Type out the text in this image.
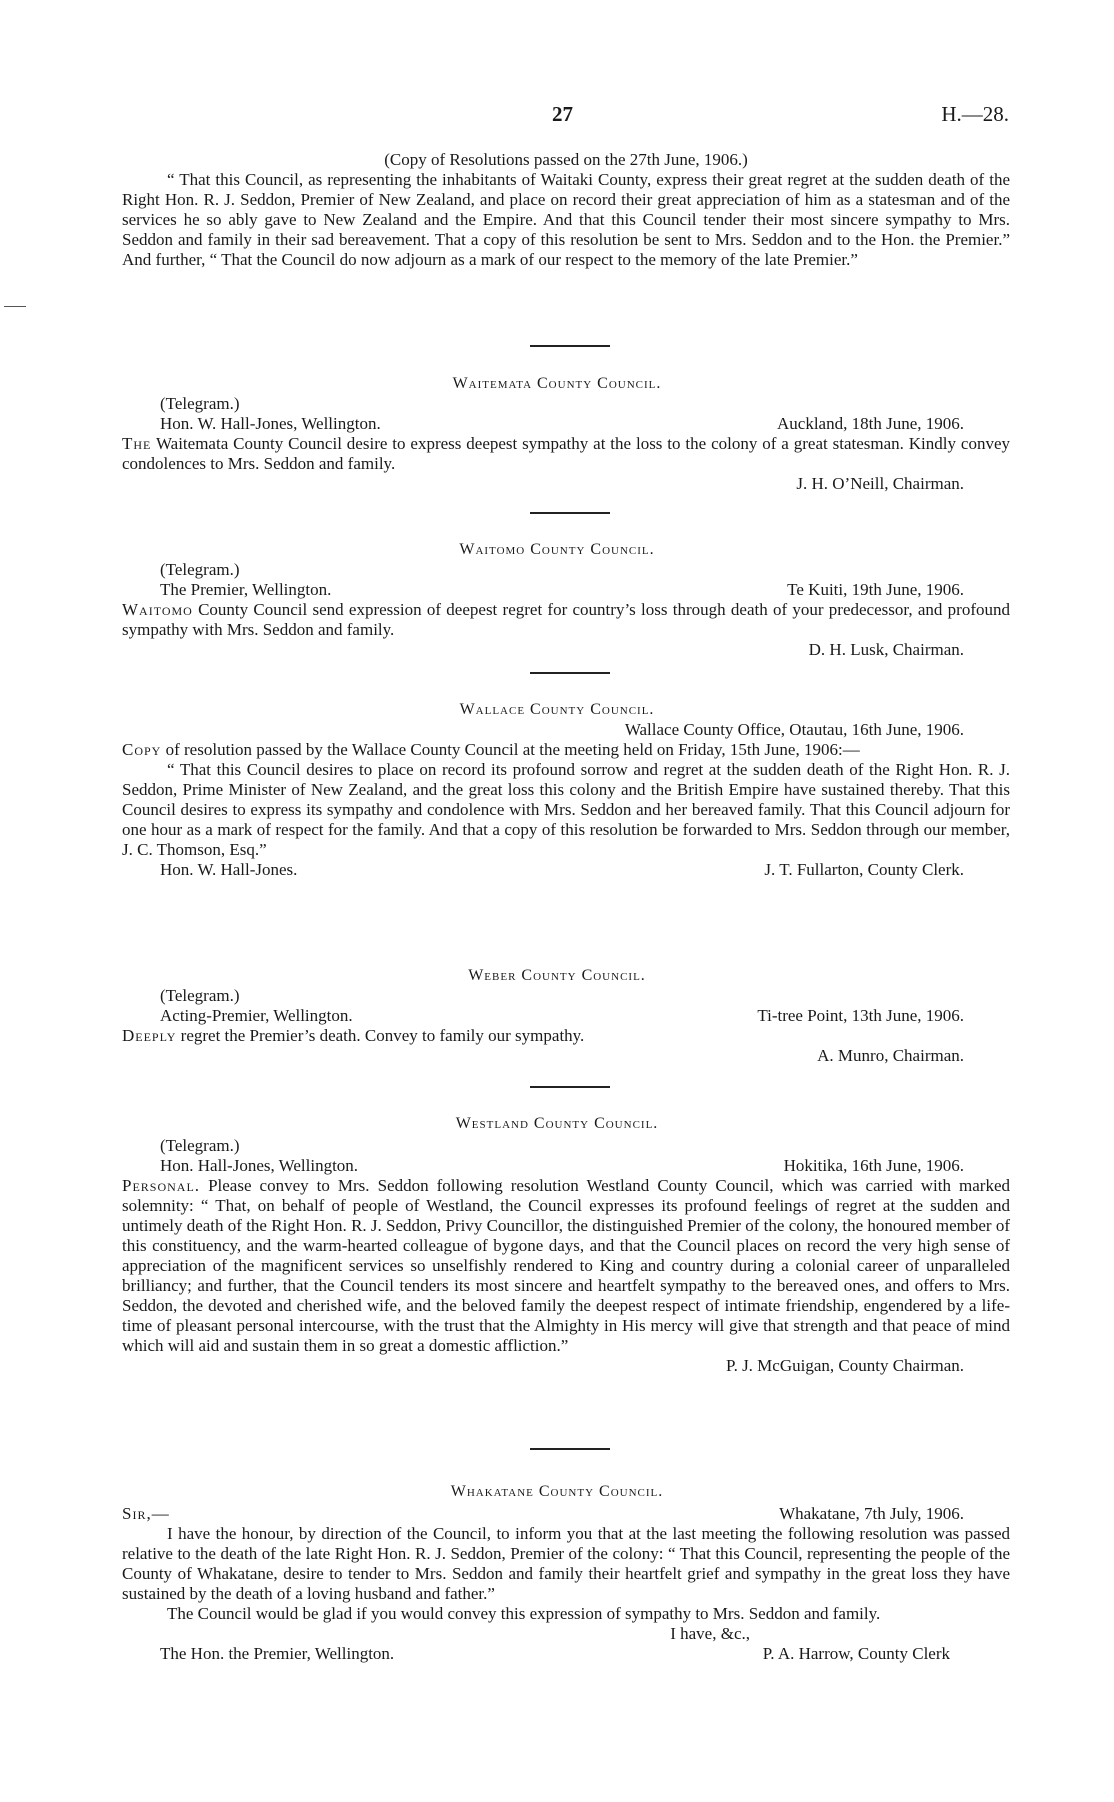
27	H.—28.
(Copy of Resolutions passed on the 27th June, 1906.)

“ That this Council, as representing the inhabitants of Waitaki County, express their great regret at the sudden death of the Right Hon. R. J. Seddon, Premier of New Zealand, and place on record their great appreciation of him as a statesman and of the services he so ably gave to New Zealand and the Empire. And that this Council tender their most sincere sympathy to Mrs. Seddon and family in their sad bereavement. That a copy of this resolution be sent to Mrs. Seddon and to the Hon. the Premier.” And further, “ That the Council do now adjourn as a mark of our respect to the memory of the late Premier.”

Waitemata County Council.
(Telegram.)
Hon. W. Hall-Jones, Wellington.	Auckland, 18th June, 1906.

The Waitemata County Council desire to express deepest sympathy at the loss to the colony of a great statesman. Kindly convey condolences to Mrs. Seddon and family.

J. H. O’Neill, Chairman.
Waitomo County Council.
(Telegram.)
The Premier, Wellington.	Te Kuiti, 19th June, 1906.

Waitomo County Council send expression of deepest regret for country’s loss through death of your predecessor, and profound sympathy with Mrs. Seddon and family.

D. H. Lusk, Chairman.
Wallace County Council.
Wallace County Office, Otautau, 16th June, 1906.

Copy of resolution passed by the Wallace County Council at the meeting held on Friday, 15th June, 1906:—

“ That this Council desires to place on record its profound sorrow and regret at the sudden death of the Right Hon. R. J. Seddon, Prime Minister of New Zealand, and the great loss this colony and the British Empire have sustained thereby. That this Council desires to express its sympathy and condolence with Mrs. Seddon and her bereaved family. That this Council adjourn for one hour as a mark of respect for the family. And that a copy of this resolution be forwarded to Mrs. Seddon through our member, J. C. Thomson, Esq.”

Hon. W. Hall-Jones.	J. T. Fullarton, County Clerk.
Weber County Council.
(Telegram.)
Acting-Premier, Wellington.	Ti-tree Point, 13th June, 1906.

Deeply regret the Premier’s death. Convey to family our sympathy.

A. Munro, Chairman.
Westland County Council.
(Telegram.)
Hon. Hall-Jones, Wellington.	Hokitika, 16th June, 1906.

Personal. Please convey to Mrs. Seddon following resolution Westland County Council, which was carried with marked solemnity: “ That, on behalf of people of Westland, the Council expresses its profound feelings of regret at the sudden and untimely death of the Right Hon. R. J. Seddon, Privy Councillor, the distinguished Premier of the colony, the honoured member of this constituency, and the warm-hearted colleague of bygone days, and that the Council places on record the very high sense of appreciation of the magnificent services so unselfishly rendered to King and country during a colonial career of unparalleled brilliancy; and further, that the Council tenders its most sincere and heartfelt sympathy to the bereaved ones, and offers to Mrs. Seddon, the devoted and cherished wife, and the beloved family the deepest respect of intimate friendship, engendered by a life-time of pleasant personal intercourse, with the trust that the Almighty in His mercy will give that strength and that peace of mind which will aid and sustain them in so great a domestic affliction.”

P. J. McGuigan, County Chairman.
Whakatane County Council.
Sir,—	Whakatane, 7th July, 1906.

I have the honour, by direction of the Council, to inform you that at the last meeting the following resolution was passed relative to the death of the late Right Hon. R. J. Seddon, Premier of the colony: “ That this Council, representing the people of the County of Whakatane, desire to tender to Mrs. Seddon and family their heartfelt grief and sympathy in the great loss they have sustained by the death of a loving husband and father.”

The Council would be glad if you would convey this expression of sympathy to Mrs. Seddon and family.

I have, &c.,
The Hon. the Premier, Wellington.	P. A. Harrow, County Clerk
